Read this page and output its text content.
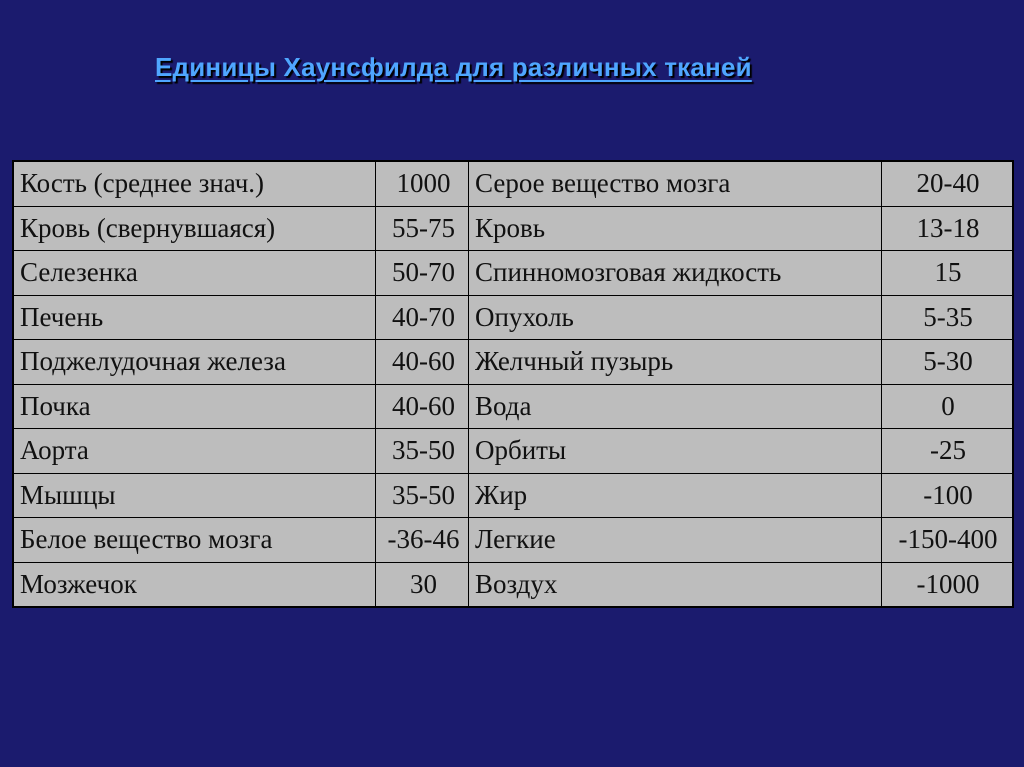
Единицы Хаунсфилда для различных тканей
Кость (среднее знач.)	1000	Серое вещество мозга	20-40
Кровь (свернувшаяся)	55-75	Кровь	13-18
Селезенка	50-70	Спинномозговая жидкость	15
Печень	40-70	Опухоль	5-35
Поджелудочная железа	40-60	Желчный пузырь	5-30
Почка	40-60	Вода	0
Аорта	35-50	Орбиты	-25
Мышцы	35-50	Жир	-100
Белое вещество мозга	-36-46	Легкие	-150-400
Мозжечок	30	Воздух	-1000
